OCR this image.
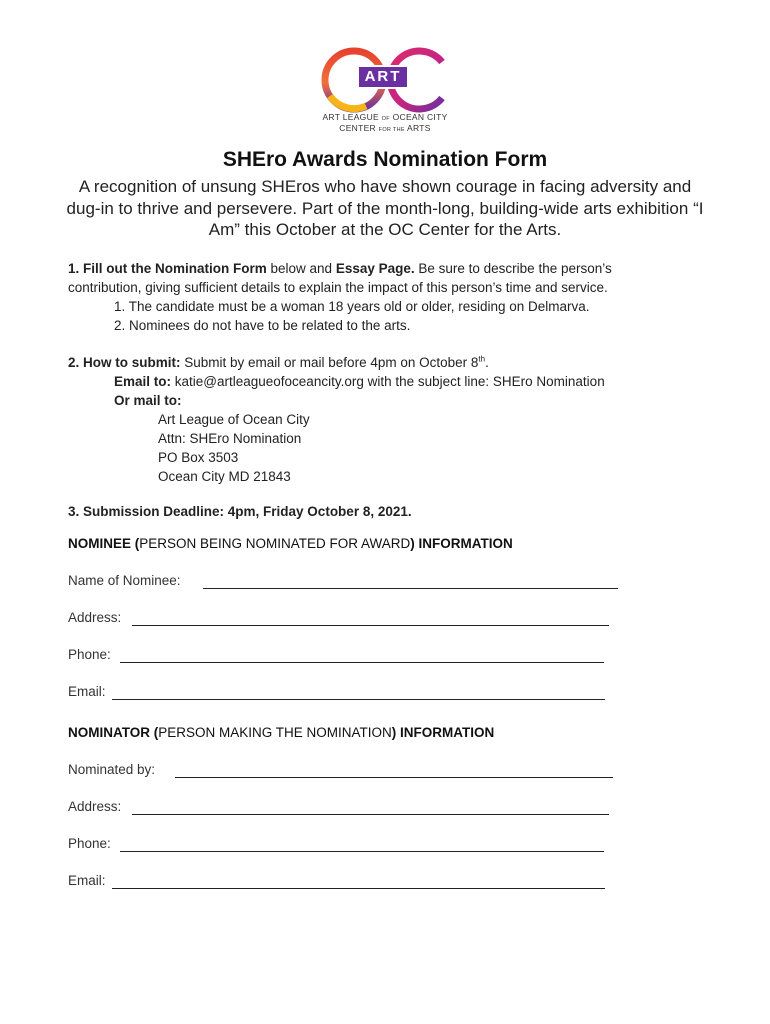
ART
ART LEAGUE OF OCEAN CITY
CENTER FOR THE ARTS
SHEro Awards Nomination Form
A recognition of unsung SHEros who have shown courage in facing adversity and dug-in to thrive and persevere. Part of the month-long, building-wide arts exhibition “I Am” this October at the OC Center for the Arts.
1. Fill out the Nomination Form below and Essay Page. Be sure to describe the person’s
contribution, giving sufficient details to explain the impact of this person’s time and service.
1. The candidate must be a woman 18 years old or older, residing on Delmarva.
2. Nominees do not have to be related to the arts.
2. How to submit: Submit by email or mail before 4pm on October 8th.
Email to: katie@artleagueofoceancity.org with the subject line: SHEro Nomination
Or mail to:
Art League of Ocean City
Attn: SHEro Nomination
PO Box 3503
Ocean City MD 21843
3. Submission Deadline: 4pm, Friday October 8, 2021.
NOMINEE (PERSON BEING NOMINATED FOR AWARD) INFORMATION
Name of Nominee:
Address:
Phone:
Email:
NOMINATOR (PERSON MAKING THE NOMINATION) INFORMATION
Nominated by:
Address:
Phone:
Email:
